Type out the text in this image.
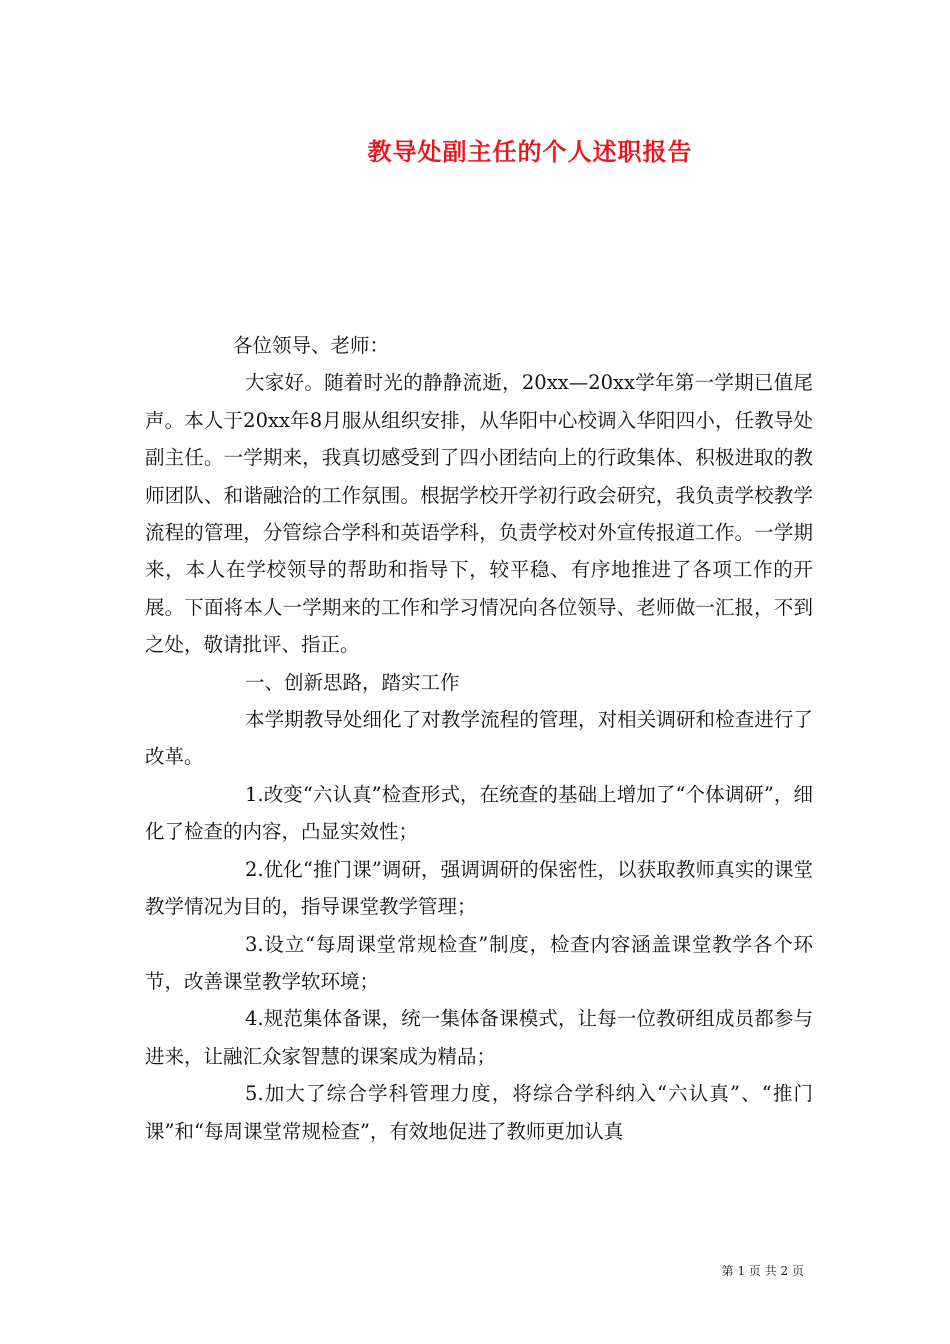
教导处副主任的个人述职报告

各位领导、老师：

大家好。随着时光的静静流逝，20xx—20xx学年第一学期已值尾声。本人于20xx年8月服从组织安排，从华阳中心校调入华阳四小，任教导处副主任。一学期来，我真切感受到了四小团结向上的行政集体、积极进取的教师团队、和谐融洽的工作氛围。根据学校开学初行政会研究，我负责学校教学流程的管理，分管综合学科和英语学科，负责学校对外宣传报道工作。一学期来，本人在学校领导的帮助和指导下，较平稳、有序地推进了各项工作的开展。下面将本人一学期来的工作和学习情况向各位领导、老师做一汇报，不到之处，敬请批评、指正。

一、创新思路，踏实工作

本学期教导处细化了对教学流程的管理，对相关调研和检查进行了改革。

1.改变“六认真”检查形式，在统查的基础上增加了“个体调研”，细化了检查的内容，凸显实效性；

2.优化“推门课”调研，强调调研的保密性，以获取教师真实的课堂教学情况为目的，指导课堂教学管理；

3.设立“每周课堂常规检查”制度，检查内容涵盖课堂教学各个环节，改善课堂教学软环境；

4.规范集体备课，统一集体备课模式，让每一位教研组成员都参与进来，让融汇众家智慧的课案成为精品；

5.加大了综合学科管理力度，将综合学科纳入“六认真”、“推门课”和“每周课堂常规检查”，有效地促进了教师更加认真

第 1 页 共 2 页
